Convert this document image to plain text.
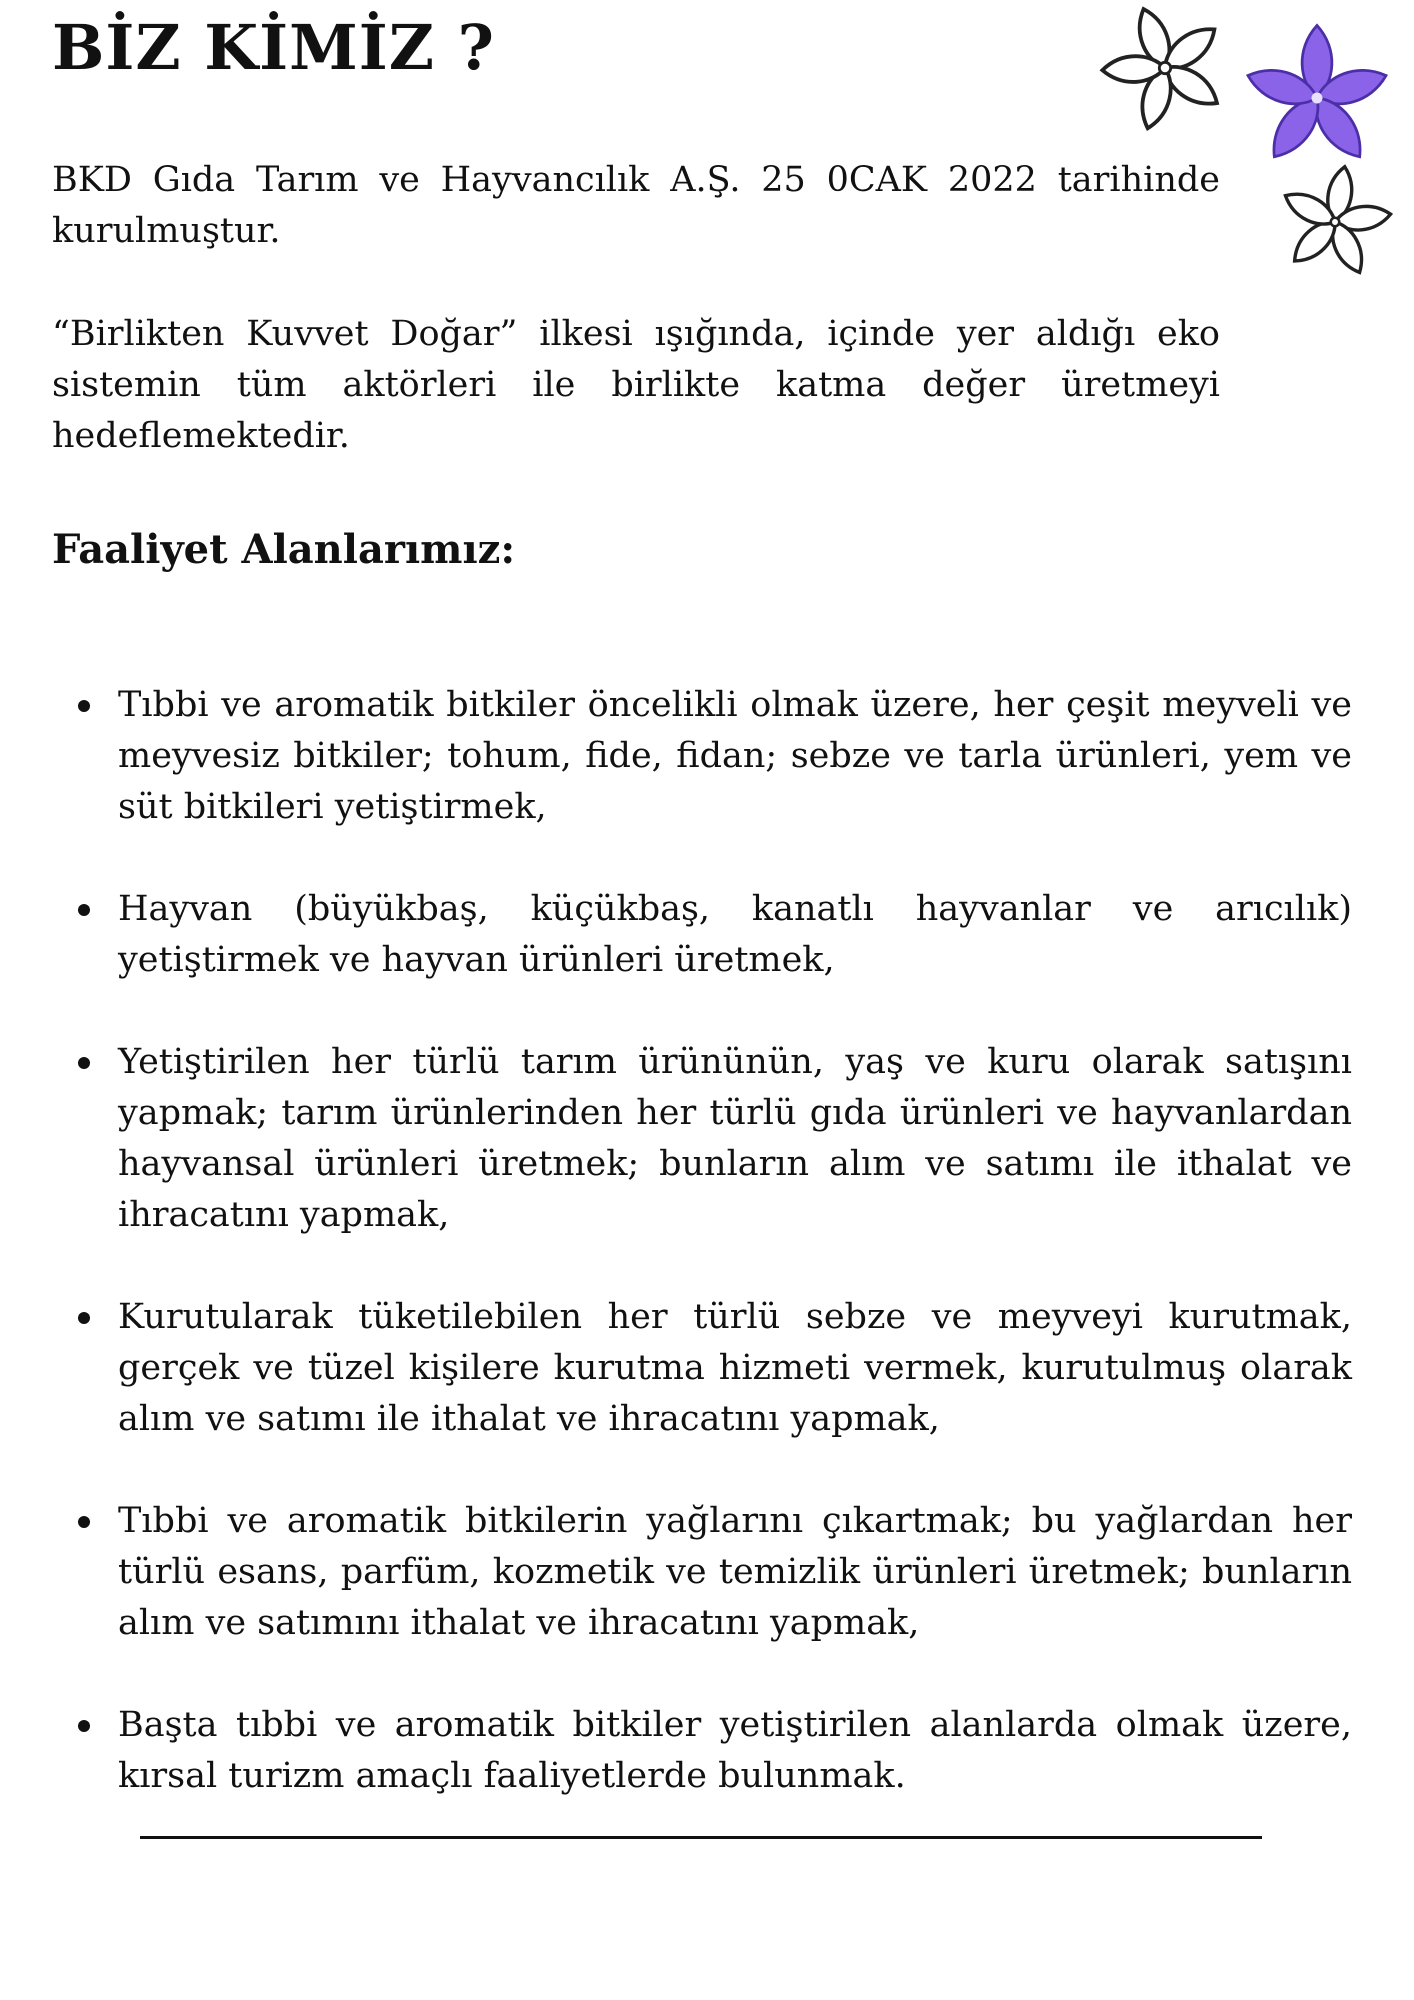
BİZ KİMİZ ?

BKD Gıda Tarım ve Hayvancılık A.Ş. 25 0CAK 2022 tarihinde kurulmuştur.

“Birlikten Kuvvet Doğar” ilkesi ışığında, içinde yer aldığı eko sistemin tüm aktörleri ile birlikte katma değer üretmeyi hedeflemektedir.

Faaliyet Alanlarımız:
Tıbbi ve aromatik bitkiler öncelikli olmak üzere, her çeşit meyveli ve meyvesiz bitkiler; tohum, fide, fidan; sebze ve tarla ürünleri, yem ve süt bitkileri yetiştirmek,
Hayvan (büyükbaş, küçükbaş, kanatlı hayvanlar ve arıcılık) yetiştirmek ve hayvan ürünleri üretmek,
Yetiştirilen her türlü tarım ürününün, yaş ve kuru olarak satışını yapmak; tarım ürünlerinden her türlü gıda ürünleri ve hayvanlardan hayvansal ürünleri üretmek; bunların alım ve satımı ile ithalat ve ihracatını yapmak,
Kurutularak tüketilebilen her türlü sebze ve meyveyi kurutmak, gerçek ve tüzel kişilere kurutma hizmeti vermek, kurutulmuş olarak alım ve satımı ile ithalat ve ihracatını yapmak,
Tıbbi ve aromatik bitkilerin yağlarını çıkartmak; bu yağlardan her türlü esans, parfüm, kozmetik ve temizlik ürünleri üretmek; bunların alım ve satımını ithalat ve ihracatını yapmak,
Başta tıbbi ve aromatik bitkiler yetiştirilen alanlarda olmak üzere, kırsal turizm amaçlı faaliyetlerde bulunmak.
